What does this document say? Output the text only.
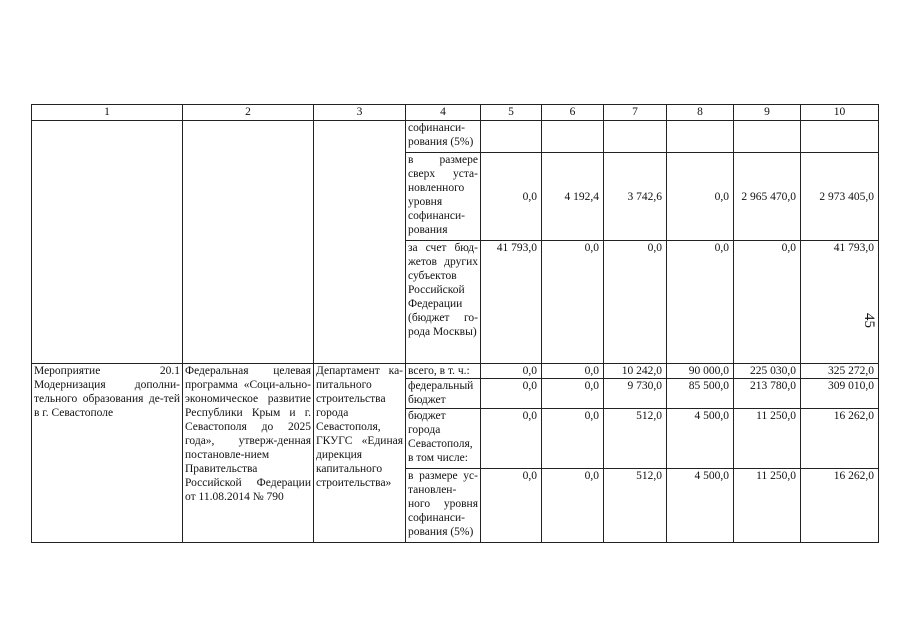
1	2	3	4	5	6	7	8	9	10
			софинанси-рования (5%)						
			в размере сверх уста-новленного уровня софинанси-рования	0,0	4 192,4	3 742,6	0,0	2 965 470,0	2 973 405,0
			за счет бюд-жетов других субъектов Российской Федерации (бюджет го-рода Москвы)	41 793,0	0,0	0,0	0,0	0,0	41 793,0
Мероприятие 20.1 Модернизация дополни-тельного образования де-тей в г. Севастополе	Федеральная целевая программа «Соци-ально-экономическое развитие Республики Крым и г. Севастополя до 2025 года», утверж-денная постановле-нием Правительства Российской Федерации от 11.08.2014 № 790	Департамент ка-питального строительства города Севастополя, ГКУГС «Единая дирекция капитального строительства»	всего, в т. ч.:	0,0	0,0	10 242,0	90 000,0	225 030,0	325 272,0
			федеральный бюджет	0,0	0,0	9 730,0	85 500,0	213 780,0	309 010,0
			бюджет города Севастополя, в том числе:	0,0	0,0	512,0	4 500,0	11 250,0	16 262,0
			в размере ус-тановлен-ного уровня софинанси-рования (5%)	0,0	0,0	512,0	4 500,0	11 250,0	16 262,0
45
